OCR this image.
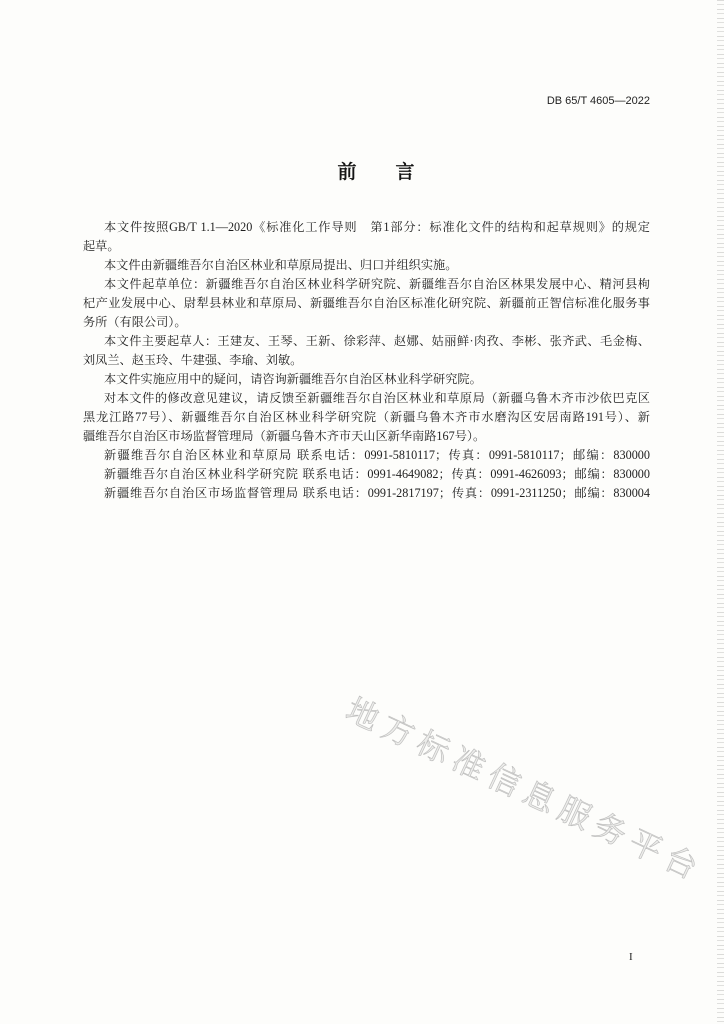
DB 65/T 4605—2022
前　言
本文件按照GB/T 1.1—2020《标准化工作导则　第1部分：标准化文件的结构和起草规则》的规定
起草。
本文件由新疆维吾尔自治区林业和草原局提出、归口并组织实施。
本文件起草单位：新疆维吾尔自治区林业科学研究院、新疆维吾尔自治区林果发展中心、精河县枸
杞产业发展中心、尉犁县林业和草原局、新疆维吾尔自治区标准化研究院、新疆前正智信标准化服务事
务所（有限公司）。
本文件主要起草人：王建友、王琴、王新、徐彩萍、赵娜、姑丽鲜·肉孜、李彬、张齐武、毛金梅、
刘凤兰、赵玉玲、牛建强、李瑜、刘敏。
本文件实施应用中的疑问，请咨询新疆维吾尔自治区林业科学研究院。
对本文件的修改意见建议，请反馈至新疆维吾尔自治区林业和草原局（新疆乌鲁木齐市沙依巴克区
黑龙江路77号）、新疆维吾尔自治区林业科学研究院（新疆乌鲁木齐市水磨沟区安居南路191号）、新
疆维吾尔自治区市场监督管理局（新疆乌鲁木齐市天山区新华南路167号）。
新疆维吾尔自治区林业和草原局 联系电话：0991-5810117；传真：0991-5810117；邮编：830000
新疆维吾尔自治区林业科学研究院 联系电话：0991-4649082；传真：0991-4626093；邮编：830000
新疆维吾尔自治区市场监督管理局 联系电话：0991-2817197；传真：0991-2311250；邮编：830004
地方标准信息服务平台
I
